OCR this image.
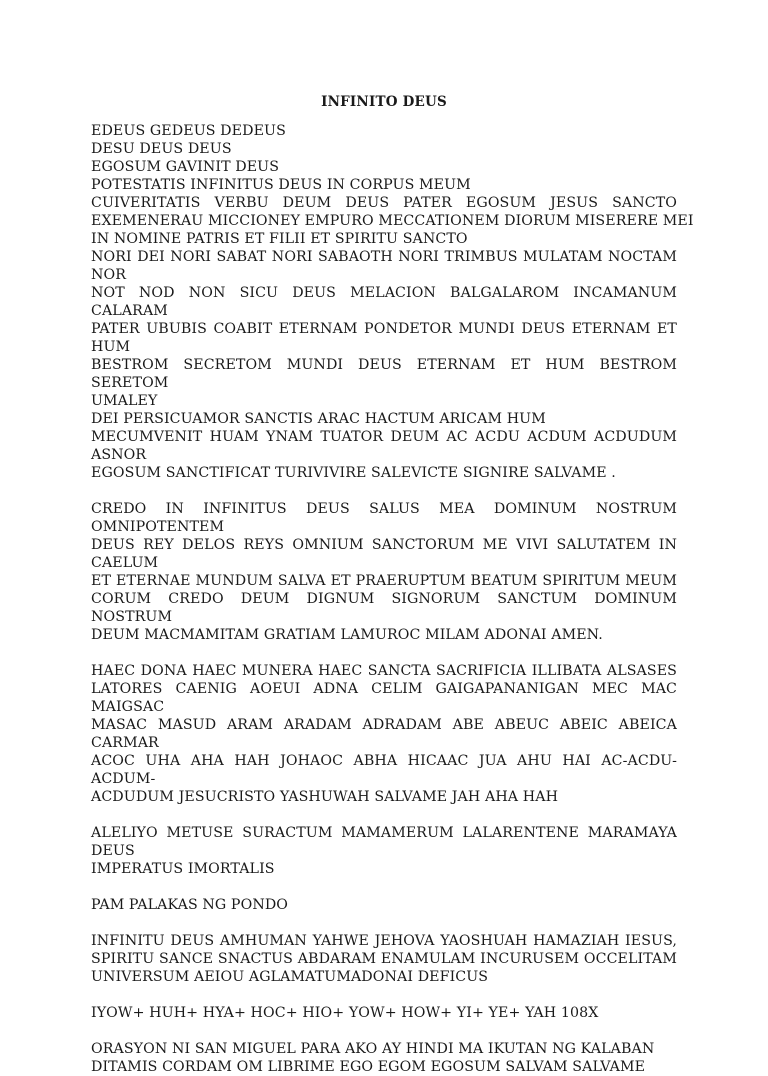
INFINITO DEUS
EDEUS GEDEUS DEDEUS
DESU DEUS DEUS
EGOSUM GAVINIT DEUS
POTESTATIS INFINITUS DEUS IN CORPUS MEUM
CUIVERITATIS VERBU DEUM DEUS PATER EGOSUM JESUS SANCTO
EXEMENERAU MICCIONEY EMPURO MECCATIONEM DIORUM MISERERE MEI
IN NOMINE PATRIS ET FILII ET SPIRITU SANCTO
NORI DEI NORI SABAT NORI SABAOTH NORI TRIMBUS MULATAM NOCTAM NOR
NOT NOD NON SICU DEUS MELACION BALGALAROM INCAMANUM CALARAM
PATER UBUBIS COABIT ETERNAM PONDETOR MUNDI DEUS ETERNAM ET HUM
BESTROM SECRETOM MUNDI DEUS ETERNAM ET HUM BESTROM SERETOM
UMALEY
DEI PERSICUAMOR SANCTIS ARAC HACTUM ARICAM HUM
MECUMVENIT HUAM YNAM TUATOR DEUM AC ACDU ACDUM ACDUDUM ASNOR
EGOSUM SANCTIFICAT TURIVIVIRE SALEVICTE SIGNIRE SALVAME .
CREDO IN INFINITUS DEUS SALUS MEA DOMINUM NOSTRUM OMNIPOTENTEM
DEUS REY DELOS REYS OMNIUM SANCTORUM ME VIVI SALUTATEM IN CAELUM
ET ETERNAE MUNDUM SALVA ET PRAERUPTUM BEATUM SPIRITUM MEUM
CORUM CREDO DEUM DIGNUM SIGNORUM SANCTUM DOMINUM NOSTRUM
DEUM MACMAMITAM GRATIAM LAMUROC MILAM ADONAI AMEN.
HAEC DONA HAEC MUNERA HAEC SANCTA SACRIFICIA ILLIBATA ALSASES
LATORES CAENIG AOEUI ADNA CELIM GAIGAPANANIGAN MEC MAC MAIGSAC
MASAC MASUD ARAM ARADAM ADRADAM ABE ABEUC ABEIC ABEICA CARMAR
ACOC UHA AHA HAH JOHAOC ABHA HICAAC JUA AHU HAI AC-ACDU- ACDUM-
ACDUDUM JESUCRISTO YASHUWAH SALVAME JAH AHA HAH
ALELIYO METUSE SURACTUM MAMAMERUM LALARENTENE MARAMAYA DEUS
IMPERATUS IMORTALIS
PAM PALAKAS NG PONDO
INFINITU DEUS AMHUMAN YAHWE JEHOVA YAOSHUAH HAMAZIAH IESUS,
SPIRITU SANCE SNACTUS ABDARAM ENAMULAM INCURUSEM OCCELITAM
UNIVERSUM AEIOU AGLAMATUMADONAI DEFICUS
IYOW+ HUH+ HYA+ HOC+ HIO+ YOW+ HOW+ YI+ YE+ YAH 108X
ORASYON NI SAN MIGUEL PARA AKO AY HINDI MA IKUTAN NG KALABAN
DITAMIS CORDAM OM LIBRIME EGO EGOM EGOSUM SALVAM SALVAME
